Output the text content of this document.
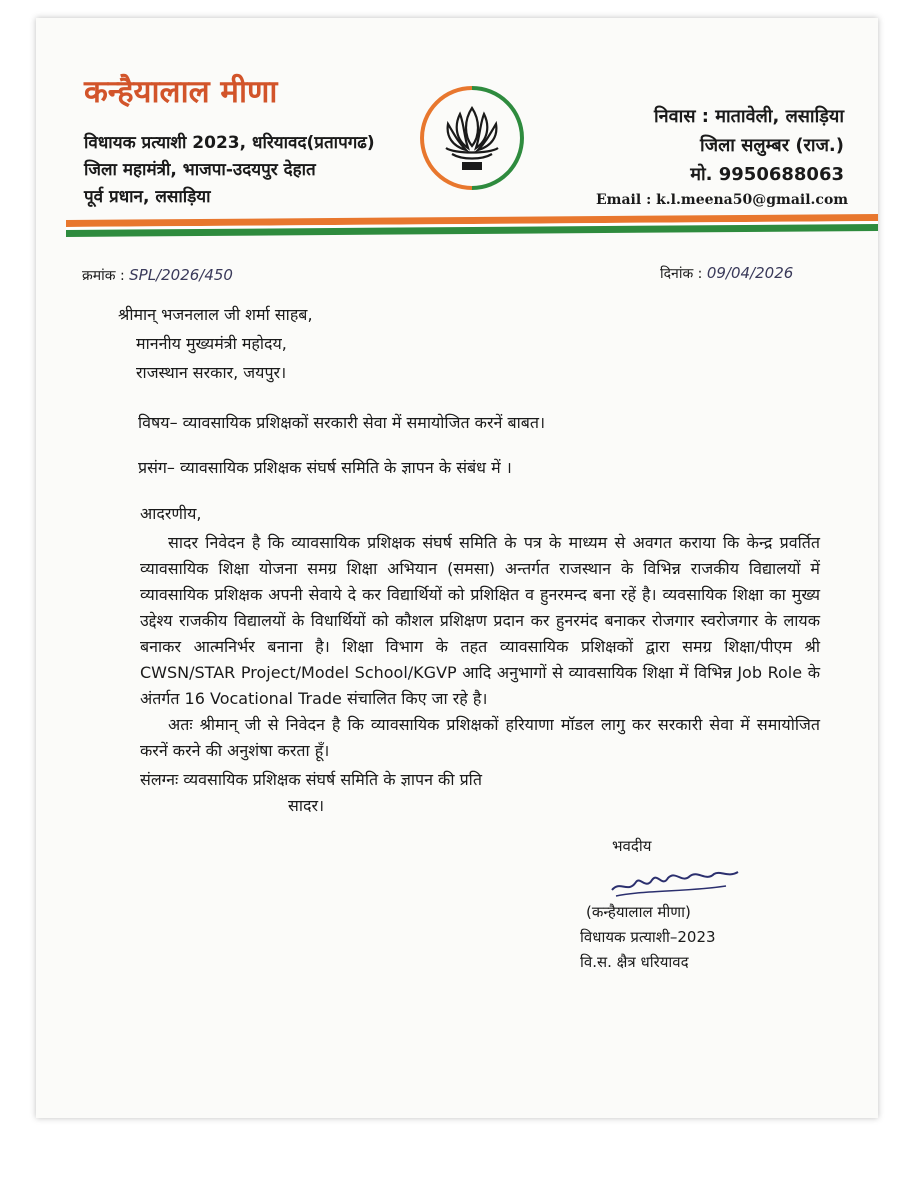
कन्हैयालाल मीणा
विधायक प्रत्याशी 2023, धरियावद(प्रतापगढ)
जिला महामंत्री, भाजपा-उदयपुर देहात
पूर्व प्रधान, लसाड़िया
निवास : मातावेली, लसाड़िया
जिला सलुम्बर (राज.)
मो. 9950688063
Email : k.l.meena50@gmail.com
क्रमांक : SPL/2026/450	दिनांक : 09/04/2026
श्रीमान् भजनलाल जी शर्मा साहब,
माननीय मुख्यमंत्री महोदय,
राजस्थान सरकार, जयपुर।
विषय– व्यावसायिक प्रशिक्षकों सरकारी सेवा में समायोजित करनें बाबत।
प्रसंग– व्यावसायिक प्रशिक्षक संघर्ष समिति के ज्ञापन के संबंध में ।
आदरणीय,
सादर निवेदन है कि व्यावसायिक प्रशिक्षक संघर्ष समिति के पत्र के माध्यम से अवगत कराया कि केन्द्र प्रवर्तित व्यावसायिक शिक्षा योजना समग्र शिक्षा अभियान (समसा) अन्तर्गत राजस्थान के विभिन्न राजकीय विद्यालयों में व्यावसायिक प्रशिक्षक अपनी सेवाये दे कर विद्यार्थियों को प्रशिक्षित व हुनरमन्द बना रहें है। व्यवसायिक शिक्षा का मुख्य उद्देश्य राजकीय विद्यालयों के विधार्थियों को कौशल प्रशिक्षण प्रदान कर हुनरमंद बनाकर रोजगार स्वरोजगार के लायक बनाकर आत्मनिर्भर बनाना है। शिक्षा विभाग के तहत व्यावसायिक प्रशिक्षकों द्वारा समग्र शिक्षा/पीएम श्री CWSN/STAR Project/Model School/KGVP आदि अनुभागों से व्यावसायिक शिक्षा में विभिन्न Job Role के अंतर्गत 16 Vocational Trade संचालित किए जा रहे है।
अतः श्रीमान् जी से निवेदन है कि व्यावसायिक प्रशिक्षकों हरियाणा मॉडल लागु कर सरकारी सेवा में समायोजित करनें करने की अनुशंषा करता हूँ।
संलग्नः व्यवसायिक प्रशिक्षक संघर्ष समिति के ज्ञापन की प्रति
सादर।
भवदीय
(कन्हैयालाल मीणा)
विधायक प्रत्याशी–2023
वि.स. क्षैत्र धरियावद
